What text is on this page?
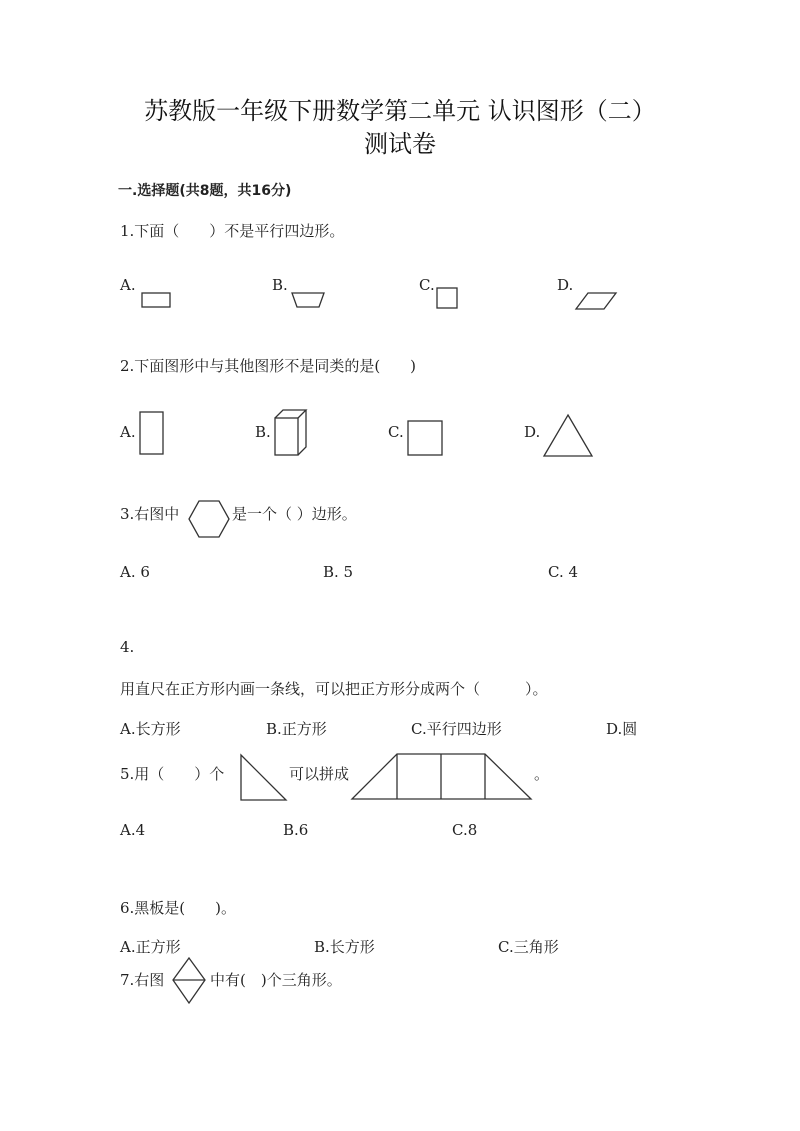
苏教版一年级下册数学第二单元 认识图形（二）
测试卷
一.选择题(共8题，共16分)
1.下面（　　）不是平行四边形。
A.	B.	C.	D.
2.下面图形中与其他图形不是同类的是(　　)
A.	B.	C.	D.
3.右图中	是一个（ ）边形。
A. 6	B. 5	C. 4
4.
用直尺在正方形内画一条线，可以把正方形分成两个（　　　）。
A.长方形	B.正方形	C.平行四边形	D.圆
5.用（　　）个	可以拼成	。
A.4	B.6	C.8
6.黑板是(　　)。
A.正方形	B.长方形	C.三角形
7.右图	中有(　)个三角形。
